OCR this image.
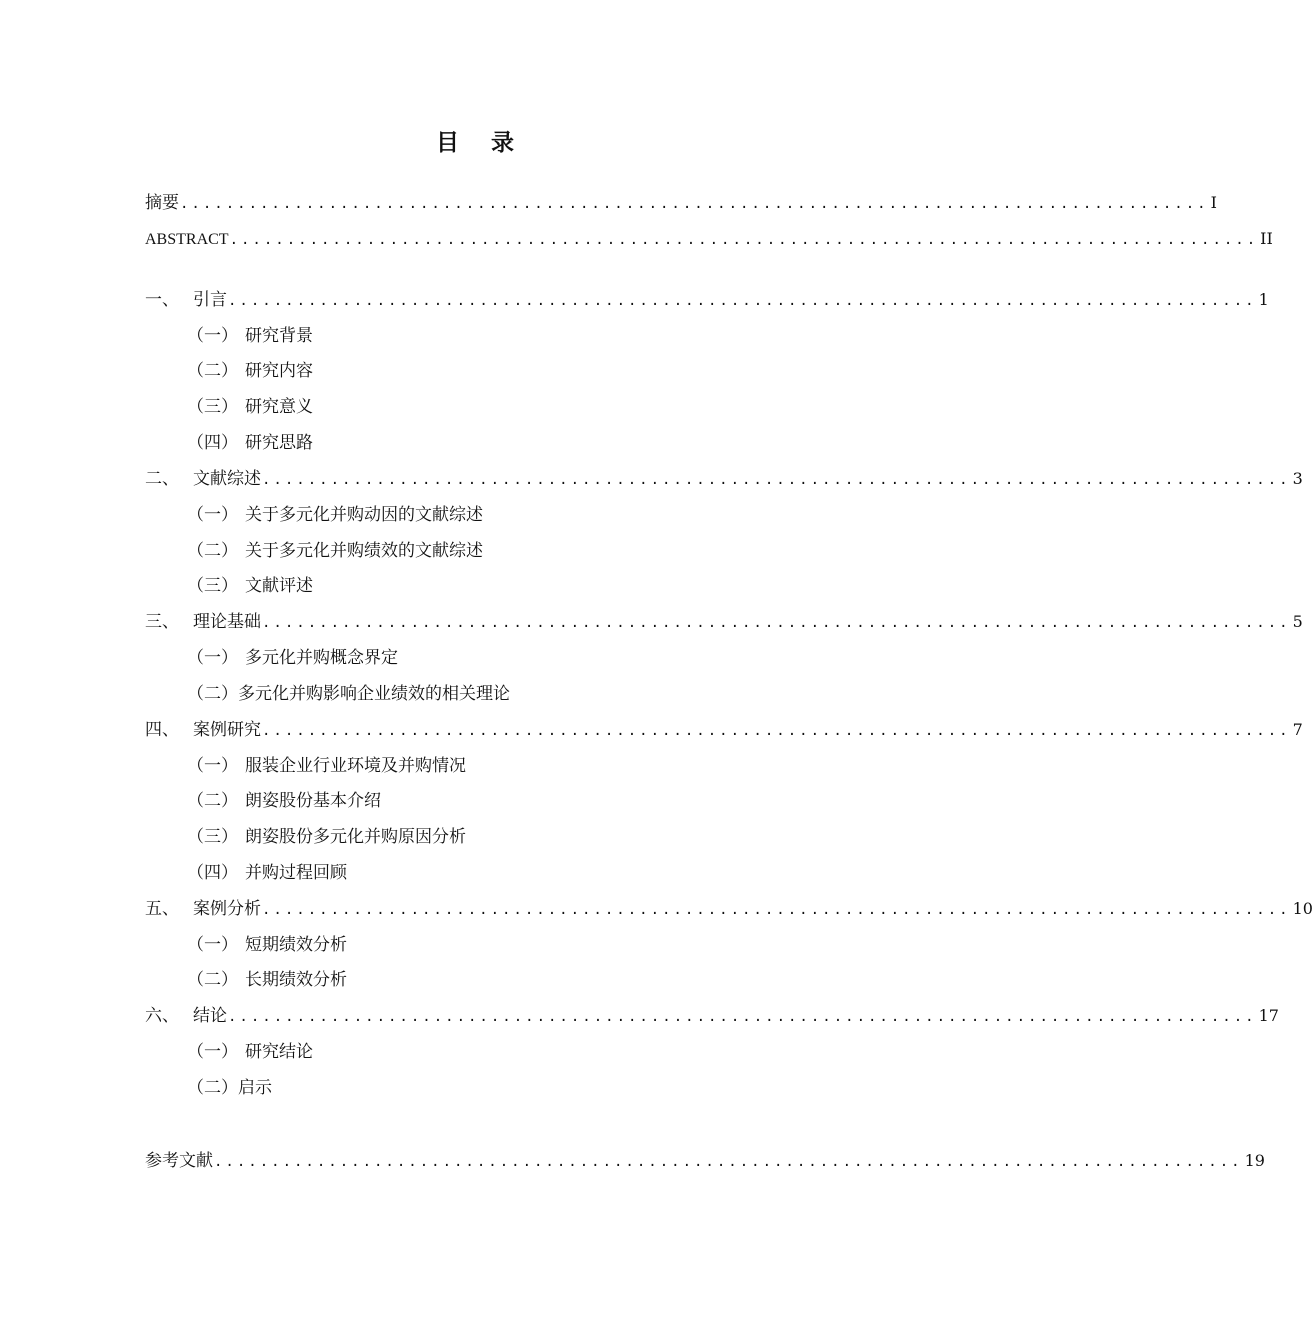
目 录
摘要 .......................................................................................... I
ABSTRACT .......................................................................................... II
一、 引言 .......................................................................................... 1
（一） 研究背景
（二） 研究内容
（三） 研究意义
（四） 研究思路
二、 文献综述 .......................................................................................... 3
（一） 关于多元化并购动因的文献综述
（二） 关于多元化并购绩效的文献综述
（三） 文献评述
三、 理论基础 .......................................................................................... 5
（一） 多元化并购概念界定
（二） 多元化并购影响企业绩效的相关理论
四、 案例研究 .......................................................................................... 7
（一） 服装企业行业环境及并购情况
（二） 朗姿股份基本介绍
（三） 朗姿股份多元化并购原因分析
（四） 并购过程回顾
五、 案例分析 .......................................................................................... 10
（一） 短期绩效分析
（二） 长期绩效分析
六、 结论 .......................................................................................... 17
（一） 研究结论
（二） 启示
参考文献 .......................................................................................... 19
